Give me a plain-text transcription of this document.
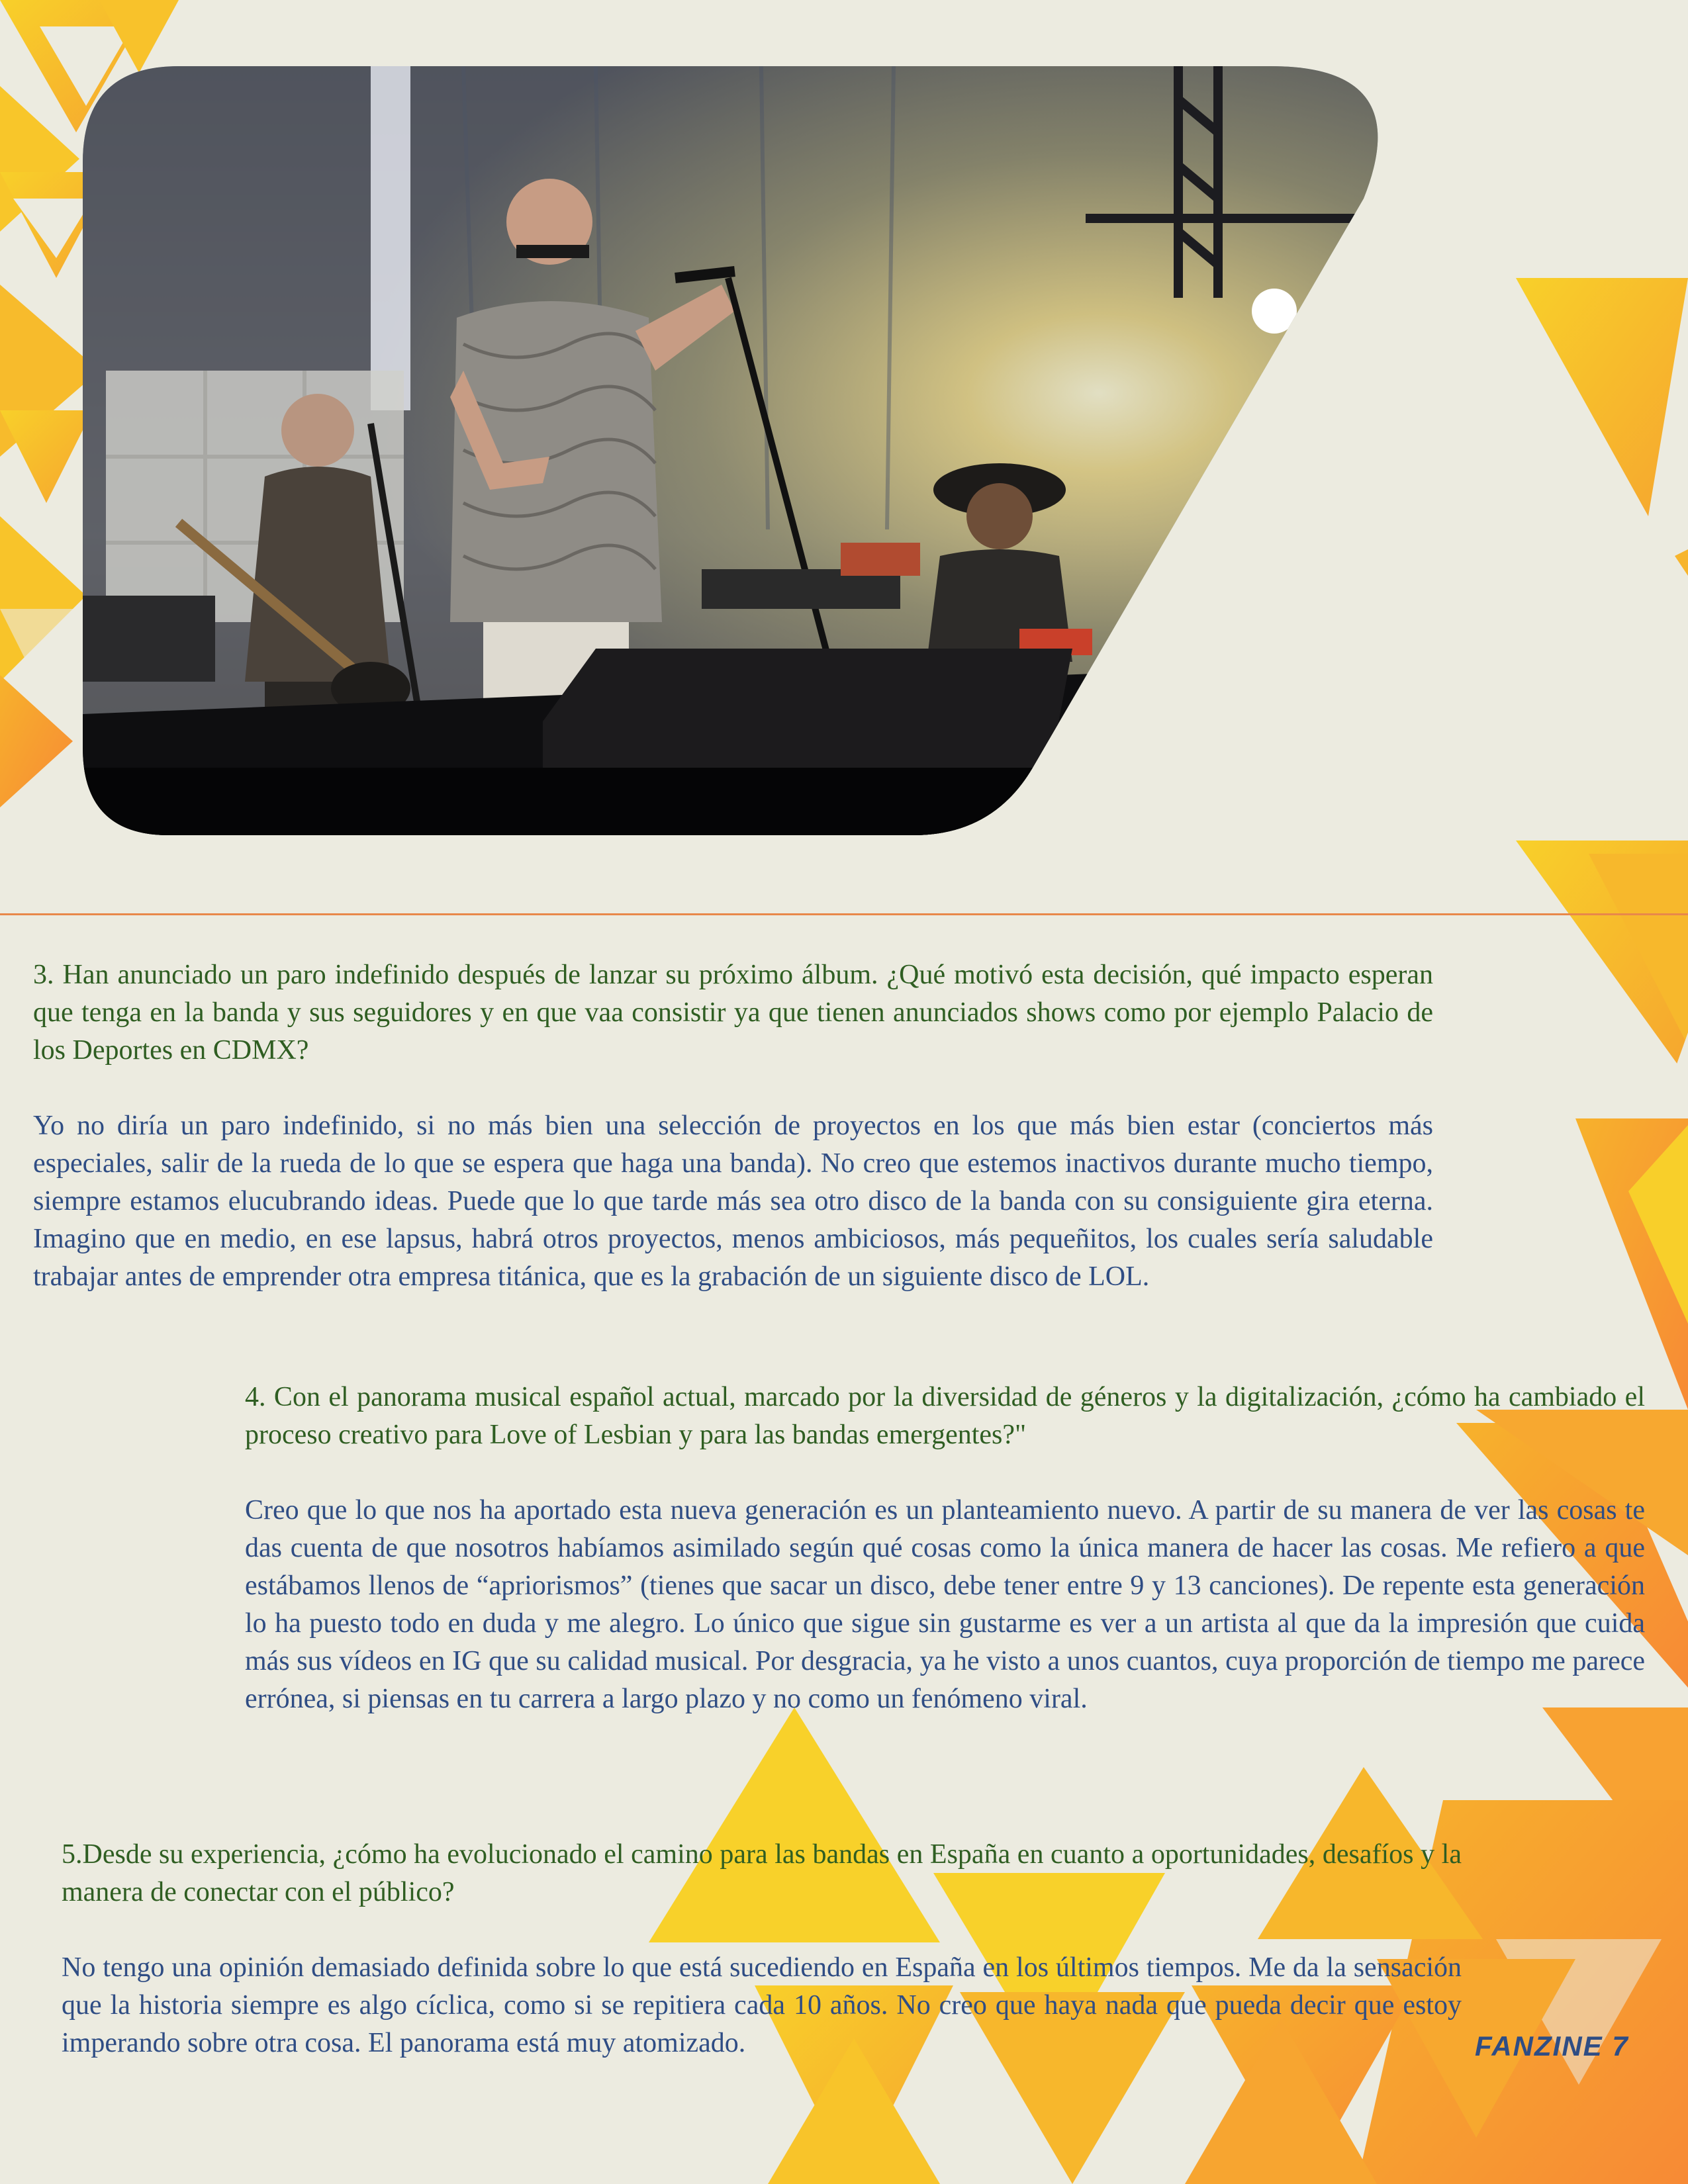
3. Han anunciado un paro indefinido después de lanzar su próximo álbum. ¿Qué motivó esta decisión, qué impacto esperan que tenga en la banda y sus seguidores y en que vaa consistir ya que tienen anunciados shows como por ejemplo Palacio de los Deportes en CDMX?

Yo no diría un paro indefinido, si no más bien una selección de proyectos en los que más bien estar (conciertos más especiales, salir de la rueda de lo que se espera que haga una banda). No creo que estemos inactivos durante mucho tiempo, siempre estamos elucubrando ideas. Puede que lo que tarde más sea otro disco de la banda con su consiguiente gira eterna. Imagino que en medio, en ese lapsus, habrá otros proyectos, menos ambiciosos, más pequeñitos, los cuales sería saludable trabajar antes de emprender otra empresa titánica, que es la grabación de un siguiente disco de LOL.

4. Con el panorama musical español actual, marcado por la diversidad de géneros y la digitalización, ¿cómo ha cambiado el proceso creativo para Love of Lesbian y para las bandas emergentes?"

Creo que lo que nos ha aportado esta nueva generación es un planteamiento nuevo. A partir de su manera de ver las cosas te das cuenta de que nosotros habíamos asimilado según qué cosas como la única manera de hacer las cosas. Me refiero a que estábamos llenos de “apriorismos” (tienes que sacar un disco, debe tener entre 9 y 13 canciones). De repente esta generación lo ha puesto todo en duda y me alegro. Lo único que sigue sin gustarme es ver a un artista al que da la impresión que cuida más sus vídeos en IG que su calidad musical. Por desgracia, ya he visto a unos cuantos, cuya proporción de tiempo me parece errónea, si piensas en tu carrera a largo plazo y no como un fenómeno viral.

5.Desde su experiencia, ¿cómo ha evolucionado el camino para las bandas en España en cuanto a oportunidades, desafíos y la manera de conectar con el público?

No tengo una opinión demasiado definida sobre lo que está sucediendo en España en los últimos tiempos. Me da la sensación que la historia siempre es algo cíclica, como si se repitiera cada 10 años. No creo que haya nada que pueda decir que estoy imperando sobre otra cosa. El panorama está muy atomizado.	FANZINE 7
